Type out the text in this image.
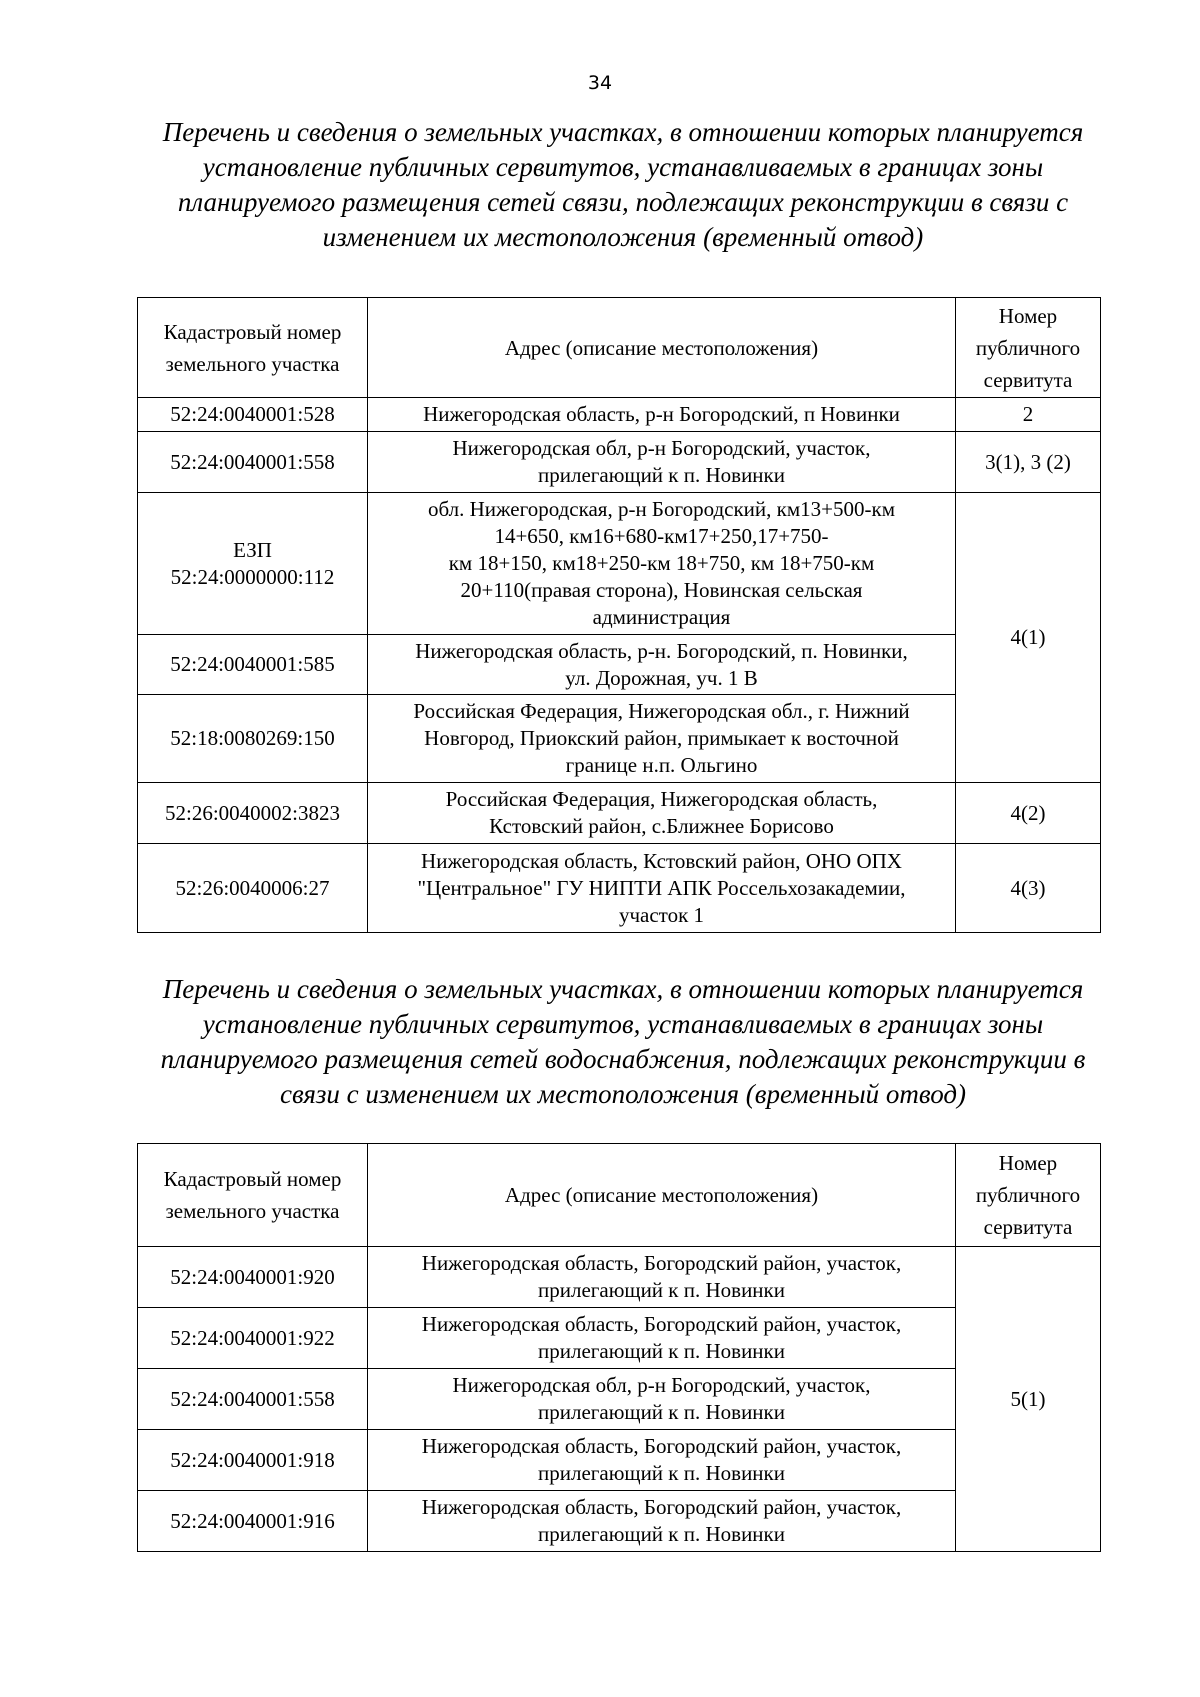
34
Перечень и сведения о земельных участках, в отношении которых планируется
установление публичных сервитутов, устанавливаемых в границах зоны
планируемого размещения сетей связи, подлежащих реконструкции в связи с
изменением их местоположения (временный отвод)
Кадастровый номер
земельного участка	Адрес (описание местоположения)	Номер
публичного
сервитута

52:24:0040001:528	Нижегородская область, р-н Богородский, п Новинки	2

52:24:0040001:558	Нижегородская обл, р-н Богородский, участок,
прилегающий к п. Новинки	3(1), 3 (2)

ЕЗП
52:24:0000000:112	обл. Нижегородская, р-н Богородский, км13+500-км
14+650, км16+680-км17+250,17+750-
км 18+150, км18+250-км 18+750, км 18+750-км
20+110(правая сторона), Новинская сельская
администрация	4(1)

52:24:0040001:585	Нижегородская область, р-н. Богородский, п. Новинки,
ул. Дорожная, уч. 1 В	

52:18:0080269:150	Российская Федерация, Нижегородская обл., г. Нижний
Новгород, Приокский район, примыкает к восточной
границе н.п. Ольгино	

52:26:0040002:3823	Российская Федерация, Нижегородская область,
Кстовский район, с.Ближнее Борисово	4(2)

52:26:0040006:27	Нижегородская область, Кстовский район, ОНО ОПХ
"Центральное" ГУ НИПТИ АПК Россельхозакадемии,
участок 1	4(3)
Перечень и сведения о земельных участках, в отношении которых планируется
установление публичных сервитутов, устанавливаемых в границах зоны
планируемого размещения сетей водоснабжения, подлежащих реконструкции в
связи с изменением их местоположения (временный отвод)
Кадастровый номер
земельного участка	Адрес (описание местоположения)	Номер
публичного
сервитута

52:24:0040001:920	Нижегородская область, Богородский район, участок,
прилегающий к п. Новинки	5(1)

52:24:0040001:922	Нижегородская область, Богородский район, участок,
прилегающий к п. Новинки	

52:24:0040001:558	Нижегородская обл, р-н Богородский, участок,
прилегающий к п. Новинки	

52:24:0040001:918	Нижегородская область, Богородский район, участок,
прилегающий к п. Новинки	

52:24:0040001:916	Нижегородская область, Богородский район, участок,
прилегающий к п. Новинки	
